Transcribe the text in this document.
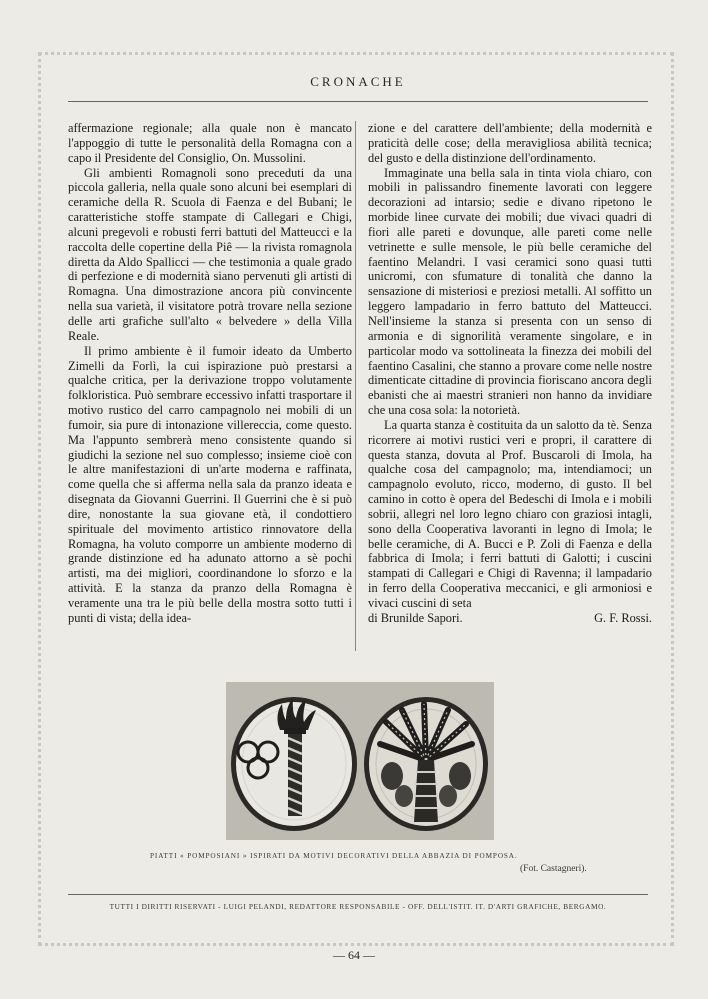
CRONACHE

affermazione regionale; alla quale non è mancato l'appoggio di tutte le personalità della Romagna con a capo il Presidente del Consiglio, On. Mussolini.

Gli ambienti Romagnoli sono preceduti da una piccola galleria, nella quale sono alcuni bei esemplari di ceramiche della R. Scuola di Faenza e del Bubani; le caratteristiche stoffe stampate di Callegari e Chigi, alcuni pregevoli e robusti ferri battuti del Matteucci e la raccolta delle copertine della Piê — la rivista romagnola diretta da Aldo Spallicci — che testimonia a quale grado di perfezione e di modernità siano pervenuti gli artisti di Romagna. Una dimostrazione ancora più convincente nella sua varietà, il visitatore potrà trovare nella sezione delle arti grafiche sull'alto « belvedere » della Villa Reale.

Il primo ambiente è il fumoir ideato da Umberto Zimelli da Forlì, la cui ispirazione può prestarsi a qualche critica, per la derivazione troppo volutamente folkloristica. Può sembrare eccessivo infatti trasportare il motivo rustico del carro campagnolo nei mobili di un fumoir, sia pure di intonazione villereccia, come questo. Ma l'appunto sembrerà meno consistente quando si giudichi la sezione nel suo complesso; insieme cioè con le altre manifestazioni di un'arte moderna e raffinata, come quella che si afferma nella sala da pranzo ideata e disegnata da Giovanni Guerrini. Il Guerrini che è si può dire, nonostante la sua giovane età, il condottiero spirituale del movimento artistico rinnovatore della Romagna, ha voluto comporre un ambiente moderno di grande distinzione ed ha adunato attorno a sè pochi artisti, ma dei migliori, coordinandone lo sforzo e la attività. E la stanza da pranzo della Romagna è veramente una tra le più belle della mostra sotto tutti i punti di vista; della idea-

zione e del carattere dell'ambiente; della modernità e praticità delle cose; della meravigliosa abilità tecnica; del gusto e della distinzione dell'ordinamento.

Immaginate una bella sala in tinta viola chiaro, con mobili in palissandro finemente lavorati con leggere decorazioni ad intarsio; sedie e divano ripetono le morbide linee curvate dei mobili; due vivaci quadri di fiori alle pareti e dovunque, alle pareti come nelle vetrinette e sulle mensole, le più belle ceramiche del faentino Melandri. I vasi ceramici sono quasi tutti unicromi, con sfumature di tonalità che danno la sensazione di misteriosi e preziosi metalli. Al soffitto un leggero lampadario in ferro battuto del Matteucci. Nell'insieme la stanza si presenta con un senso di armonia e di signorilità veramente singolare, e in particolar modo va sottolineata la finezza dei mobili del faentino Casalini, che stanno a provare come nelle nostre dimenticate cittadine di provincia fioriscano ancora degli ebanisti che ai maestri stranieri non hanno da invidiare che una cosa sola: la notorietà.

La quarta stanza è costituita da un salotto da tè. Senza ricorrere ai motivi rustici veri e propri, il carattere di questa stanza, dovuta al Prof. Buscaroli di Imola, ha qualche cosa del campagnolo; ma, intendiamoci; un campagnolo evoluto, ricco, moderno, di gusto. Il bel camino in cotto è opera del Bedeschi di Imola e i mobili sobrii, allegri nel loro legno chiaro con graziosi intagli, sono della Cooperativa lavoranti in legno di Imola; le belle ceramiche, di A. Bucci e P. Zoli di Faenza e della fabbrica di Imola; i ferri battuti di Galotti; i cuscini stampati di Callegari e Chigi di Ravenna; il lampadario in ferro della Cooperativa meccanici, e gli armoniosi e vivaci cuscini di seta

di Brunilde Sapori.	G. F. Rossi.
PIATTI « POMPOSIANI » ISPIRATI DA MOTIVI DECORATIVI DELLA ABBAZIA DI POMPOSA.
(Fot. Castagneri).
TUTTI I DIRITTI RISERVATI - LUIGI PELANDI, REDATTORE RESPONSABILE - OFF. DELL'ISTIT. IT. D'ARTI GRAFICHE, BERGAMO.
— 64 —
